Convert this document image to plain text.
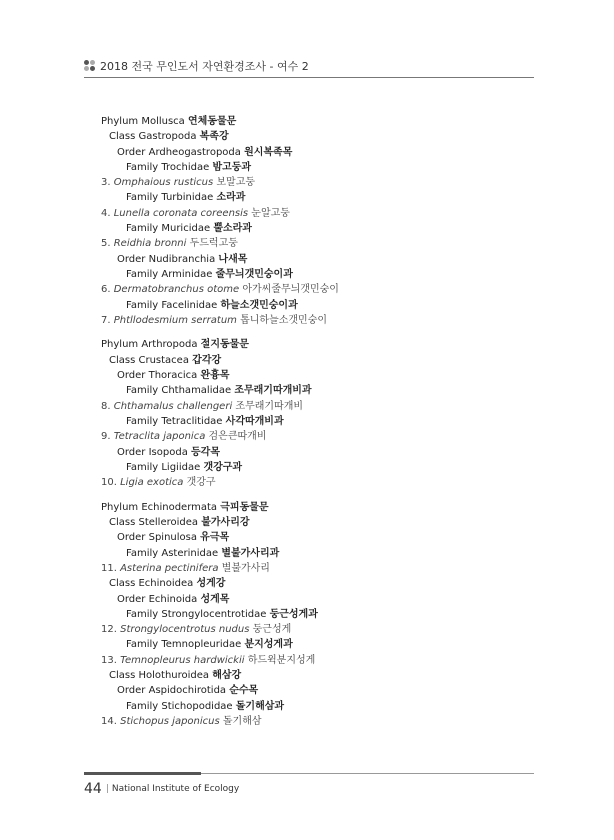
2018 전국 무인도서 자연환경조사 - 여수 2
Phylum Mollusca 연체동물문
Class Gastropoda 복족강
Order Ardheogastropoda 원시복족목
Family Trochidae 밤고둥과
3. Omphaious rusticus 보말고둥
Family Turbinidae 소라과
4. Lunella coronata coreensis 눈알고둥
Family Muricidae 뿔소라과
5. Reidhia bronni 두드럭고둥
Order Nudibranchia 나새목
Family Arminidae 줄무늬갯민숭이과
6. Dermatobranchus otome 아가씨줄무늬갯민숭이
Family Facelinidae 하늘소갯민숭이과
7. Phtllodesmium serratum 톱니하늘소갯민숭이
Phylum Arthropoda 절지동물문
Class Crustacea 갑각강
Order Thoracica 완흉목
Family Chthamalidae 조무래기따개비과
8. Chthamalus challengeri 조무래기따개비
Family Tetraclitidae 사각따개비과
9. Tetraclita japonica 검은큰따개비
Order Isopoda 등각목
Family Ligiidae 갯강구과
10. Ligia exotica 갯강구
Phylum Echinodermata 극피동물문
Class Stelleroidea 불가사리강
Order Spinulosa 유극목
Family Asterinidae 별불가사리과
11. Asterina pectinifera 별불가사리
Class Echinoidea 성게강
Order Echinoida 성게목
Family Strongylocentrotidae 둥근성게과
12. Strongylocentrotus nudus 둥근성게
Family Temnopleuridae 분지성게과
13. Temnopleurus hardwickii 하드윅분지성게
Class Holothuroidea 해삼강
Order Aspidochirotida 순수목
Family Stichopodidae 돌기해삼과
14. Stichopus japonicus 돌기해삼
44 | National Institute of Ecology
